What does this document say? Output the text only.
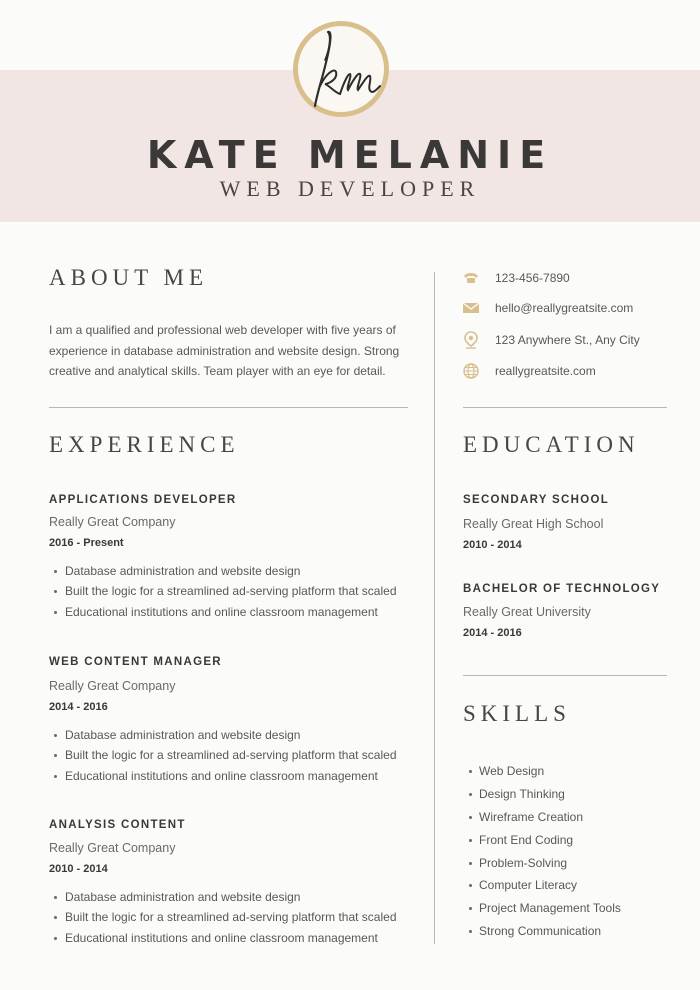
KATE MELANIE
WEB DEVELOPER
ABOUT ME
I am a qualified and professional web developer with five years of experience in database administration and website design. Strong creative and analytical skills. Team player with an eye for detail.
123-456-7890
hello@reallygreatsite.com
123 Anywhere St., Any City
reallygreatsite.com
EXPERIENCE
APPLICATIONS DEVELOPER
Really Great Company
2016 - Present
Database administration and website design
Built the logic for a streamlined ad-serving platform that scaled
Educational institutions and online classroom management
WEB CONTENT MANAGER
Really Great Company
2014 - 2016
Database administration and website design
Built the logic for a streamlined ad-serving platform that scaled
Educational institutions and online classroom management
ANALYSIS CONTENT
Really Great Company
2010 - 2014
Database administration and website design
Built the logic for a streamlined ad-serving platform that scaled
Educational institutions and online classroom management
EDUCATION
SECONDARY SCHOOL
Really Great High School
2010 - 2014
BACHELOR OF TECHNOLOGY
Really Great University
2014 - 2016
SKILLS
Web Design
Design Thinking
Wireframe Creation
Front End Coding
Problem-Solving
Computer Literacy
Project Management Tools
Strong Communication
